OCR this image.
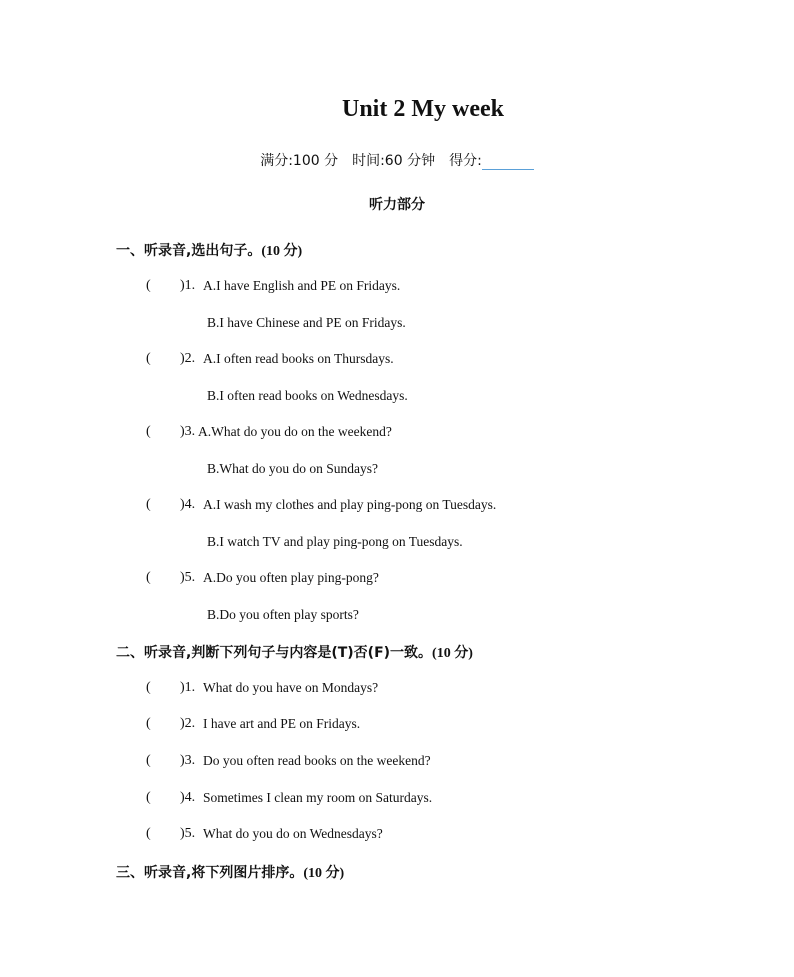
Unit 2 My week
满分:100 分 时间:60 分钟 得分:
听力部分
一、听录音,选出句子。(10 分)
(	)1. A.I have English and PE on Fridays.
B.I have Chinese and PE on Fridays.
(	)2. A.I often read books on Thursdays.
B.I often read books on Wednesdays.
(	)3. A.What do you do on the weekend?
B.What do you do on Sundays?
(	)4. A.I wash my clothes and play ping-pong on Tuesdays.
B.I watch TV and play ping-pong on Tuesdays.
(	)5. A.Do you often play ping-pong?
B.Do you often play sports?
二、听录音,判断下列句子与内容是(T)否(F)一致。(10 分)
(	)1. What do you have on Mondays?
(	)2. I have art and PE on Fridays.
(	)3. Do you often read books on the weekend?
(	)4. Sometimes I clean my room on Saturdays.
(	)5. What do you do on Wednesdays?
三、听录音,将下列图片排序。(10 分)
